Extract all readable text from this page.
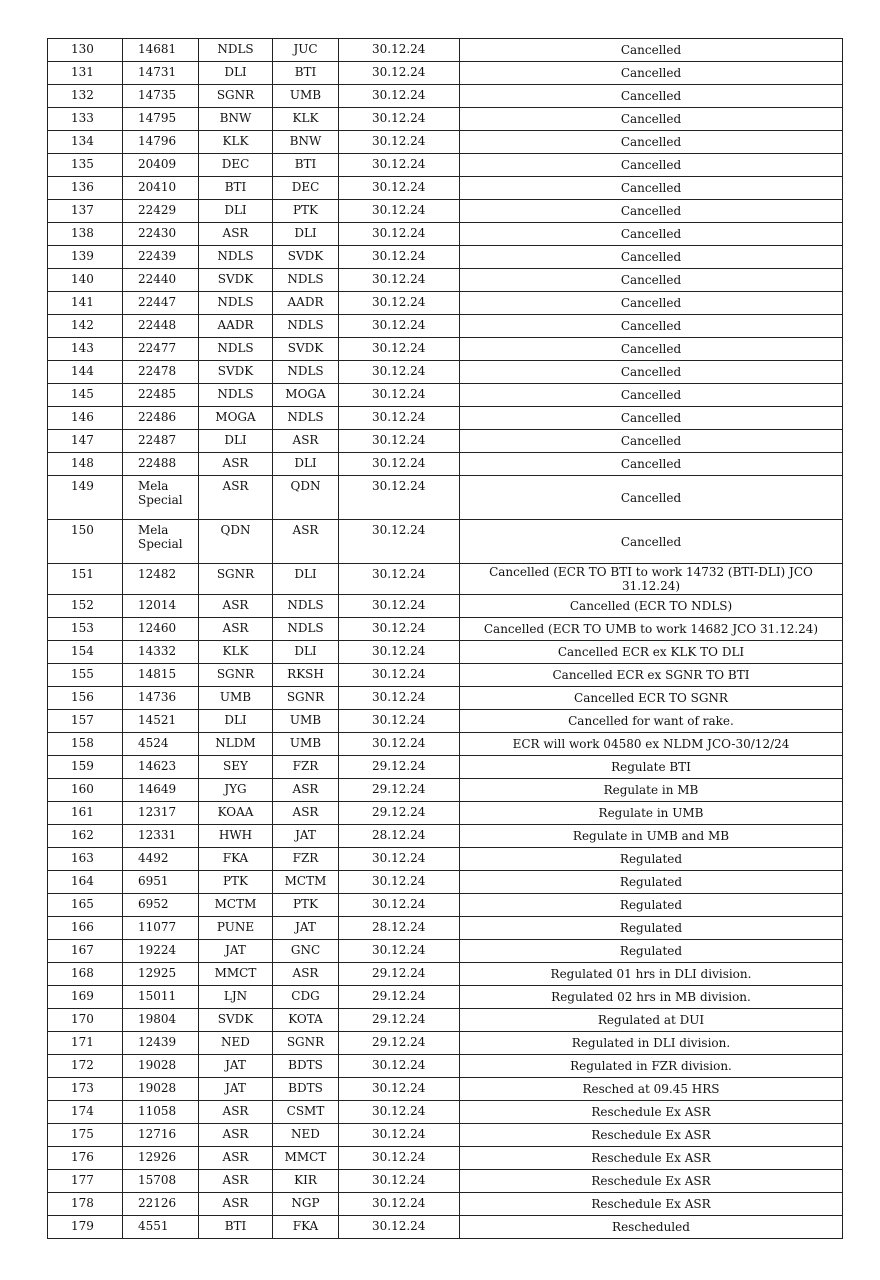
130	14681	NDLS	JUC	30.12.24	Cancelled
131	14731	DLI	BTI	30.12.24	Cancelled
132	14735	SGNR	UMB	30.12.24	Cancelled
133	14795	BNW	KLK	30.12.24	Cancelled
134	14796	KLK	BNW	30.12.24	Cancelled
135	20409	DEC	BTI	30.12.24	Cancelled
136	20410	BTI	DEC	30.12.24	Cancelled
137	22429	DLI	PTK	30.12.24	Cancelled
138	22430	ASR	DLI	30.12.24	Cancelled
139	22439	NDLS	SVDK	30.12.24	Cancelled
140	22440	SVDK	NDLS	30.12.24	Cancelled
141	22447	NDLS	AADR	30.12.24	Cancelled
142	22448	AADR	NDLS	30.12.24	Cancelled
143	22477	NDLS	SVDK	30.12.24	Cancelled
144	22478	SVDK	NDLS	30.12.24	Cancelled
145	22485	NDLS	MOGA	30.12.24	Cancelled
146	22486	MOGA	NDLS	30.12.24	Cancelled
147	22487	DLI	ASR	30.12.24	Cancelled
148	22488	ASR	DLI	30.12.24	Cancelled
149	Mela Special	ASR	QDN	30.12.24	Cancelled
150	Mela Special	QDN	ASR	30.12.24	Cancelled
151	12482	SGNR	DLI	30.12.24	Cancelled (ECR TO BTI to work 14732 (BTI-DLI) JCO 31.12.24)
152	12014	ASR	NDLS	30.12.24	Cancelled (ECR TO NDLS)
153	12460	ASR	NDLS	30.12.24	Cancelled (ECR TO UMB to work 14682 JCO 31.12.24)
154	14332	KLK	DLI	30.12.24	Cancelled ECR ex KLK TO DLI
155	14815	SGNR	RKSH	30.12.24	Cancelled ECR ex SGNR TO BTI
156	14736	UMB	SGNR	30.12.24	Cancelled ECR TO SGNR
157	14521	DLI	UMB	30.12.24	Cancelled for want of rake.
158	4524	NLDM	UMB	30.12.24	ECR will work 04580 ex NLDM JCO-30/12/24
159	14623	SEY	FZR	29.12.24	Regulate BTI
160	14649	JYG	ASR	29.12.24	Regulate in MB
161	12317	KOAA	ASR	29.12.24	Regulate in UMB
162	12331	HWH	JAT	28.12.24	Regulate in UMB and MB
163	4492	FKA	FZR	30.12.24	Regulated
164	6951	PTK	MCTM	30.12.24	Regulated
165	6952	MCTM	PTK	30.12.24	Regulated
166	11077	PUNE	JAT	28.12.24	Regulated
167	19224	JAT	GNC	30.12.24	Regulated
168	12925	MMCT	ASR	29.12.24	Regulated 01 hrs in DLI division.
169	15011	LJN	CDG	29.12.24	Regulated 02 hrs in MB division.
170	19804	SVDK	KOTA	29.12.24	Regulated at DUI
171	12439	NED	SGNR	29.12.24	Regulated in DLI division.
172	19028	JAT	BDTS	30.12.24	Regulated in FZR division.
173	19028	JAT	BDTS	30.12.24	Resched at 09.45 HRS
174	11058	ASR	CSMT	30.12.24	Reschedule Ex ASR
175	12716	ASR	NED	30.12.24	Reschedule Ex ASR
176	12926	ASR	MMCT	30.12.24	Reschedule Ex ASR
177	15708	ASR	KIR	30.12.24	Reschedule Ex ASR
178	22126	ASR	NGP	30.12.24	Reschedule Ex ASR
179	4551	BTI	FKA	30.12.24	Rescheduled
